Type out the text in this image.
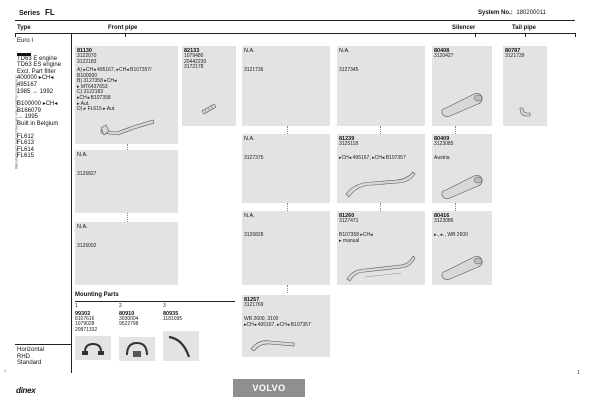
Series FL	System No.: 180200011
Type	Front pipe	Silencer	Tail pipe
Manufacturer's part numbers are only used for comparison
Euro I
TD63 E engine
TD63 ES engine
Excl. Part filter
400000 ▸CH◂
495167
1985 → 1992
B100000 ▸CH◂
B166079
→ 1995
Built in Belgium
FL612
FL613
FL614
FL615
Horizontal
RHD
Standard
81130
3122070
3122183
A) ▸CH◂ 495167, ▸CH◂ B107357/
B100000
B) 3127358 ▸CH◂
▸ MT6437653
C) 3122183
▸CH◂ B107358
▸ Aut.
D) ▸ FL615 ▸ Aut.
82133
1079480
20442230
3172178
N.A.
3126827
N.A.
3126002
N.A.
3121736
N.A.
3127375
N.A.
3126828
81257
3121769
WB 2600, 3100
▸CH◂ 495167, ▸CH◂ B107357
N.A.
3127345
81239
3125118
▸CH◂ 495167, ▸CH◂ B107357
81260
3127471
B107358 ▸CH◂
▸ manual
80408
3120427
80409
3123085
Austria
80416
3123086
▸., ▸., WB 2600
80787
3121739
Mounting Parts
1
99302
8107616
1079028
20871332
2
80910
3030004
9522798
3
80935
1181095
1	1
dinex	VOLVO
